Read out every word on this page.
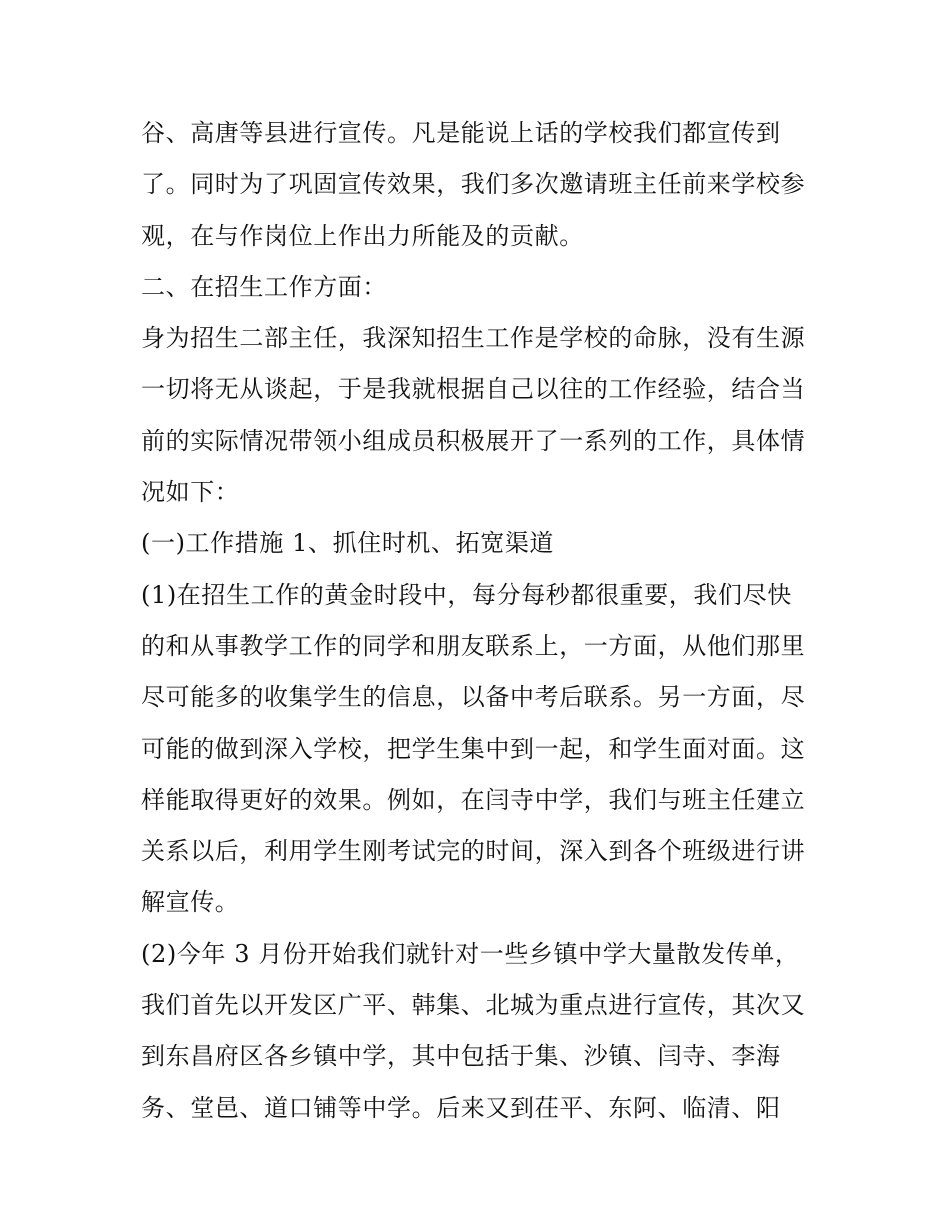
谷、高唐等县进行宣传。凡是能说上话的学校我们都宣传到
了。同时为了巩固宣传效果，我们多次邀请班主任前来学校参
观，在与作岗位上作出力所能及的贡献。
二、在招生工作方面：
身为招生二部主任，我深知招生工作是学校的命脉，没有生源
一切将无从谈起，于是我就根据自己以往的工作经验，结合当
前的实际情况带领小组成员积极展开了一系列的工作，具体情
况如下：
(一)工作措施 1、抓住时机、拓宽渠道
(1)在招生工作的黄金时段中，每分每秒都很重要，我们尽快
的和从事教学工作的同学和朋友联系上，一方面，从他们那里
尽可能多的收集学生的信息，以备中考后联系。另一方面，尽
可能的做到深入学校，把学生集中到一起，和学生面对面。这
样能取得更好的效果。例如，在闫寺中学，我们与班主任建立
关系以后，利用学生刚考试完的时间，深入到各个班级进行讲
解宣传。
(2)今年 3 月份开始我们就针对一些乡镇中学大量散发传单，
我们首先以开发区广平、韩集、北城为重点进行宣传，其次又
到东昌府区各乡镇中学，其中包括于集、沙镇、闫寺、李海
务、堂邑、道口铺等中学。后来又到茌平、东阿、临清、阳
